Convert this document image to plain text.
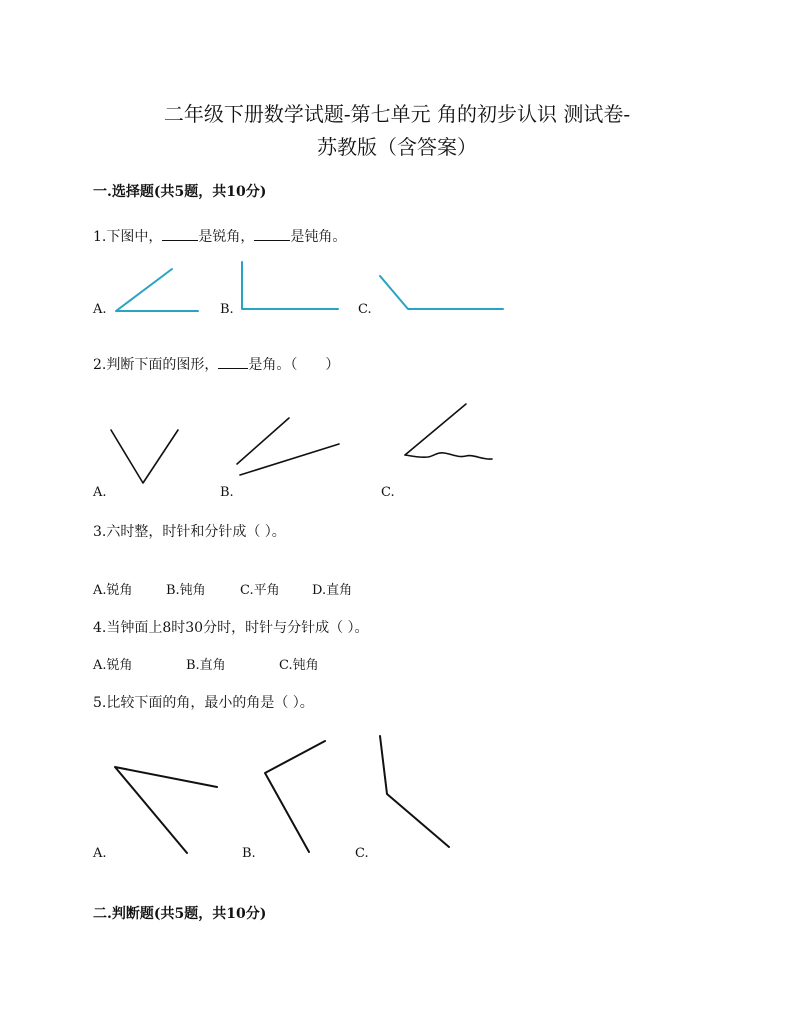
二年级下册数学试题-第七单元 角的初步认识 测试卷-
苏教版（含答案）
一.选择题(共5题，共10分)
1.下图中，	是锐角，	是钝角。
A.	B.	C.
2.判断下面的图形， 是角。（　　）
A.	B.	C.
3.六时整，时针和分针成（ ）。
A.锐角	B.钝角	C.平角 D.直角
4.当钟面上8时30分时，时针与分针成（ ）。
A.锐角	B.直角	C.钝角
5.比较下面的角，最小的角是（ ）。
A.	B.	C.
二.判断题(共5题，共10分)
